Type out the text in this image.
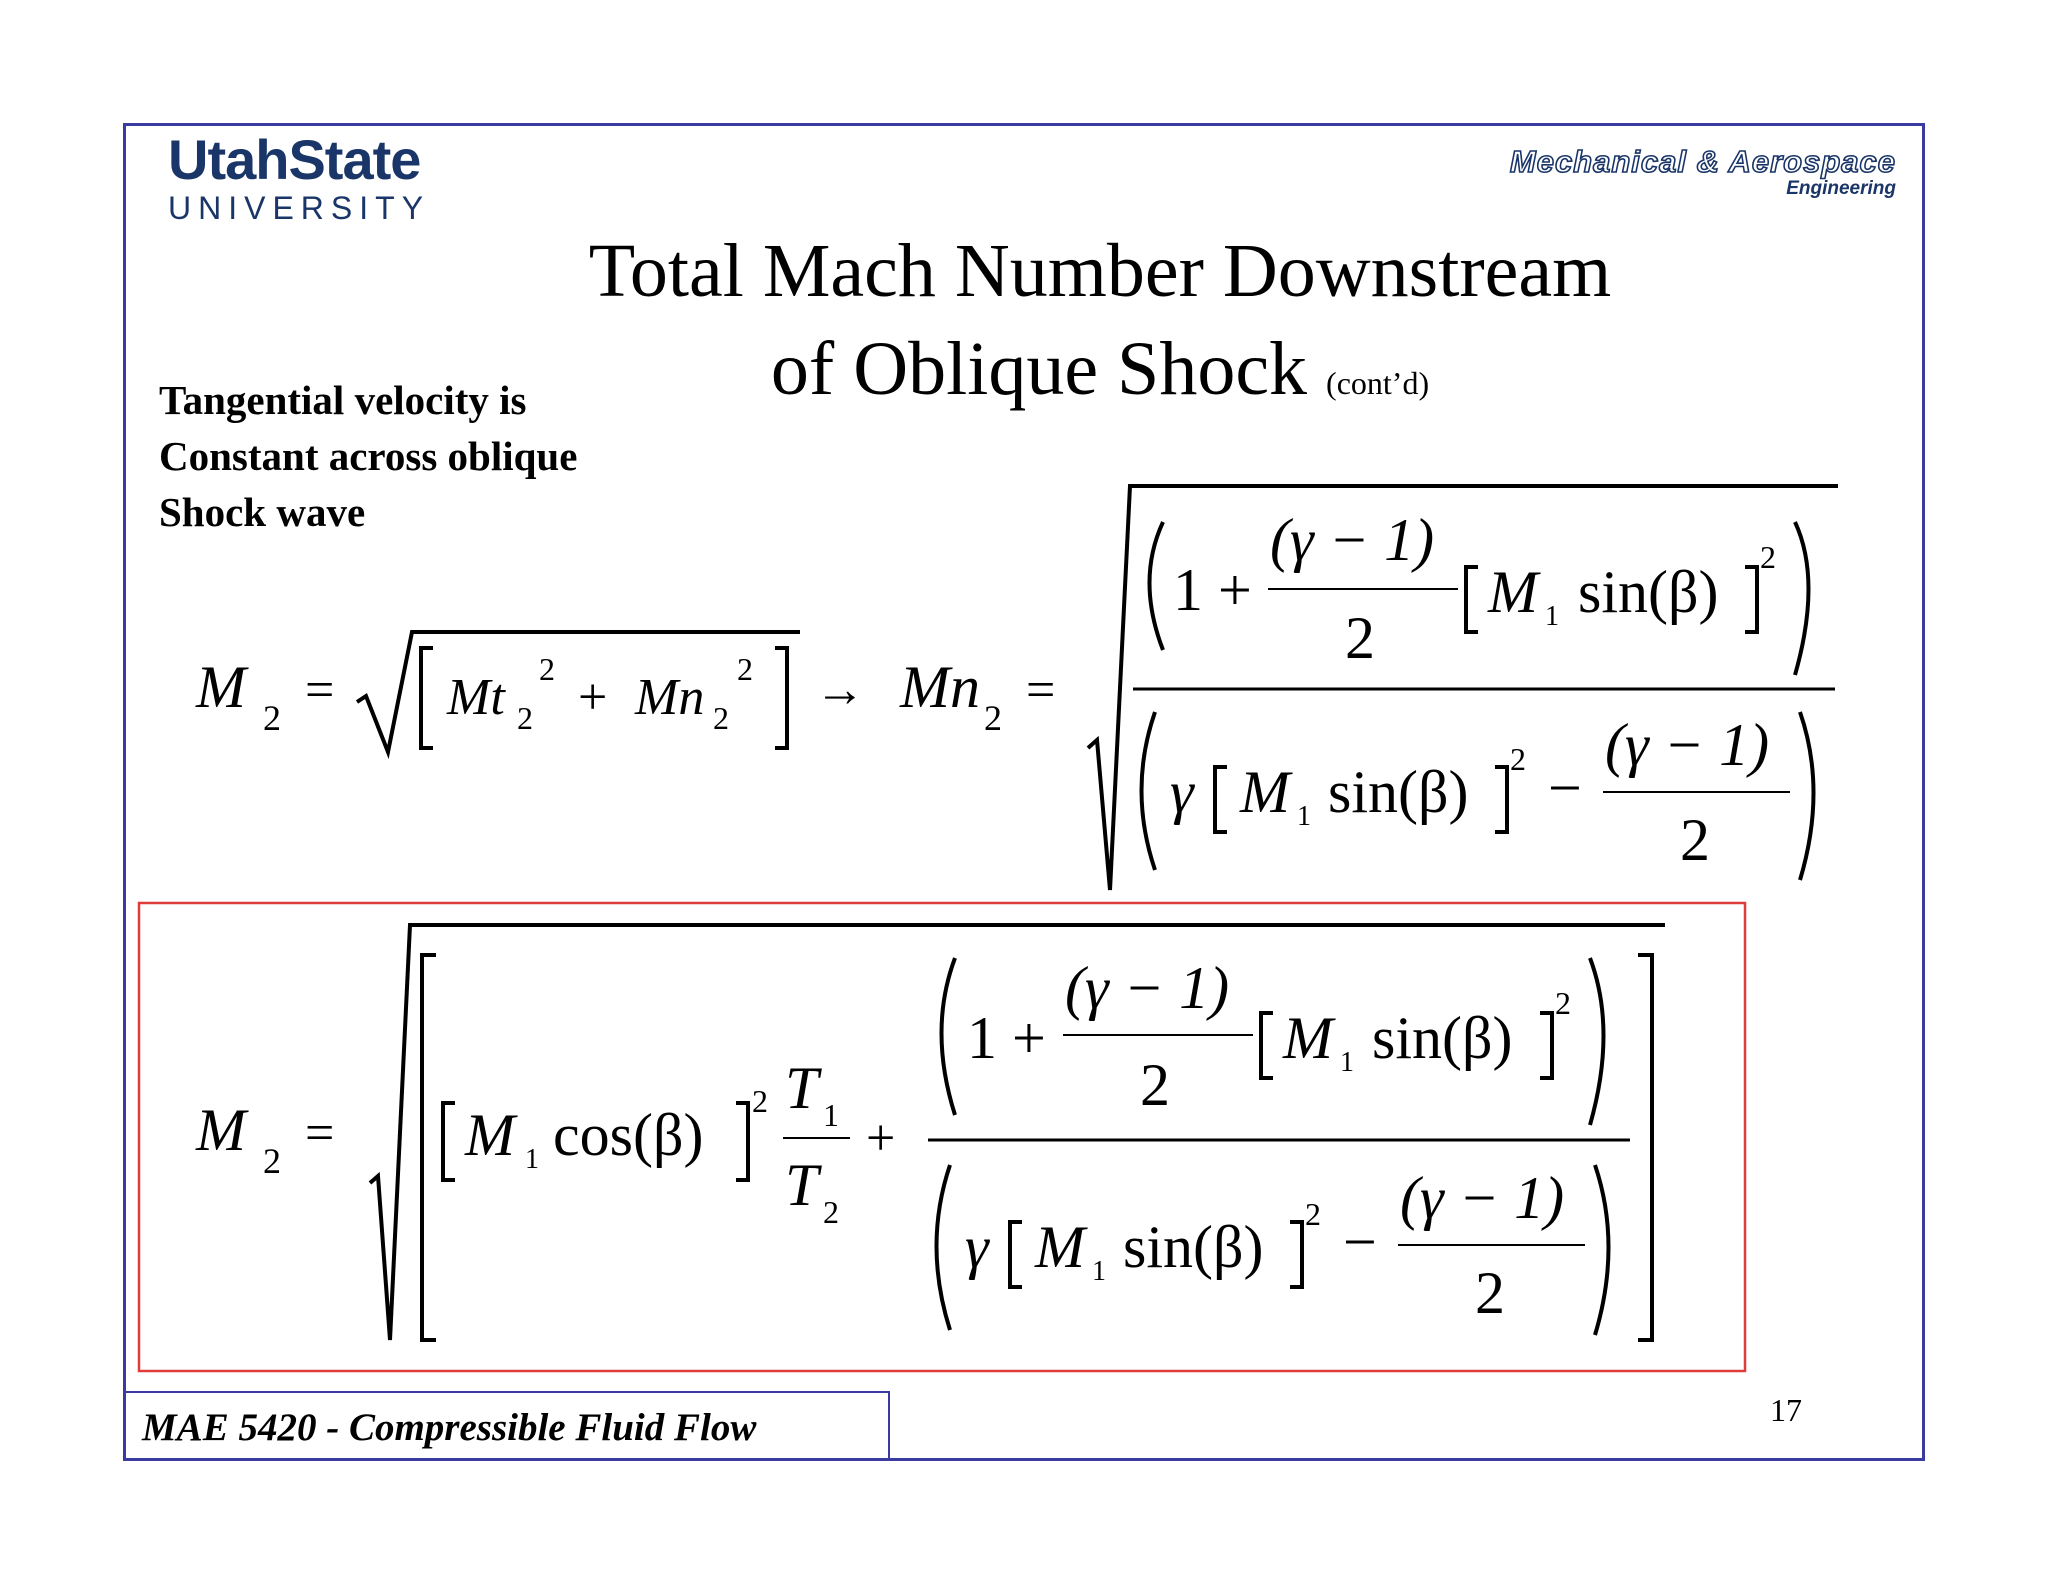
UtahState
UNIVERSITY
Mechanical & Aerospace
Engineering
Total Mach Number Downstream
of Oblique Shock (cont’d)
Tangential velocity is
Constant across oblique
Shock wave
M 2 = Mt 2
2 + Mn 2
2 → Mn 2 =
1 +
(γ − 1)
2
M 1 sin(β)
2
γ M 1 sin(β) 2 −
(γ − 1)
2
M 2 = M 1 cos(β)
2 T 1
T 2
+
1 +
(γ − 1)
2
M 1 sin(β)
2
γ M 1 sin(β) 2 −
(γ − 1)
2
MAE 5420 - Compressible Fluid Flow	17
